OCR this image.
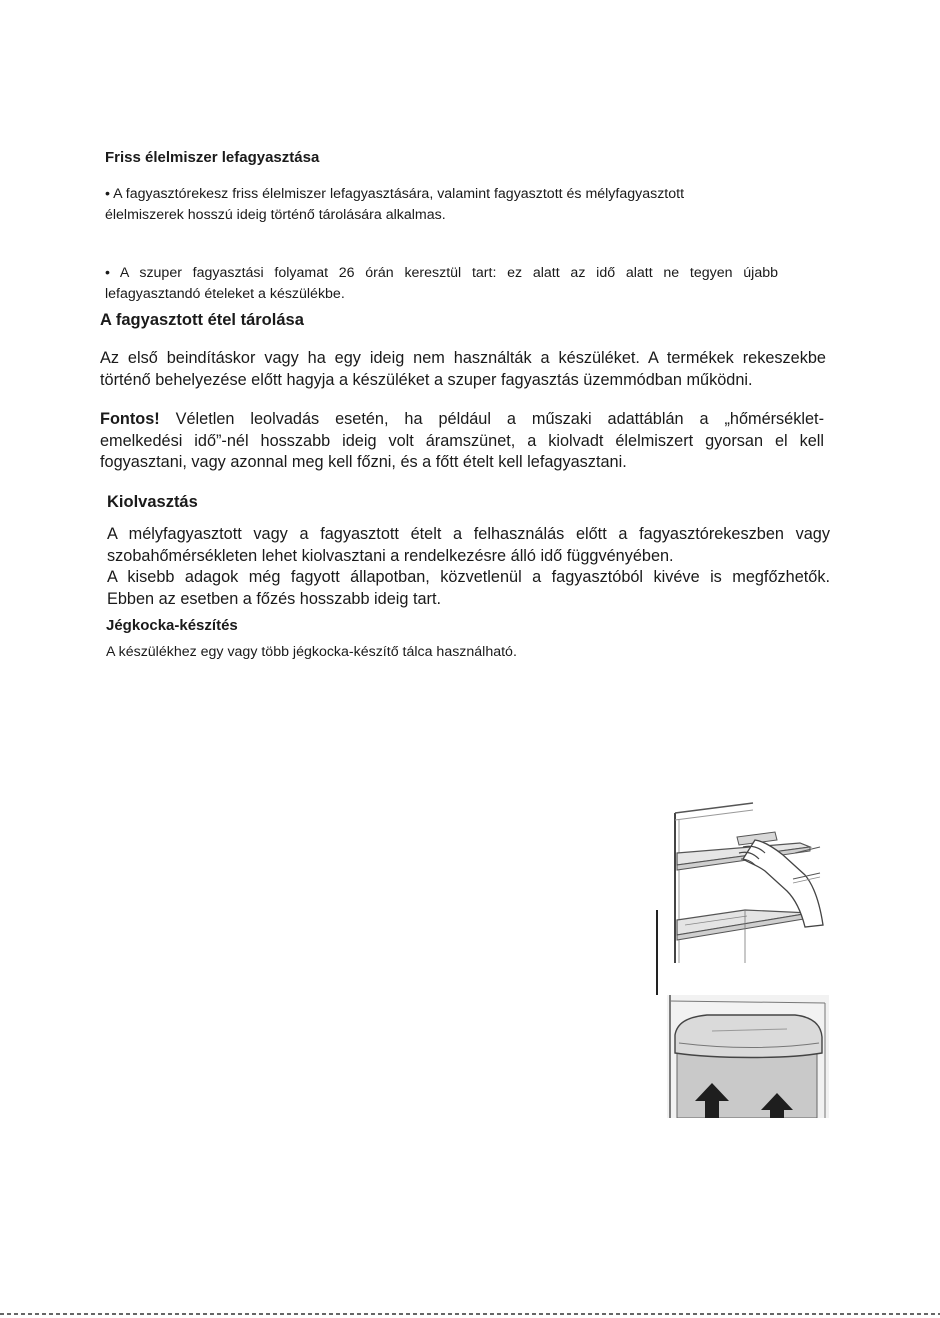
Friss élelmiszer lefagyasztása

• A fagyasztórekesz friss élelmiszer lefagyasztására, valamint fagyasztott és mélyfagyasztott
élelmiszerek hosszú ideig történő tárolására alkalmas.

• A szuper fagyasztási folyamat 26 órán keresztül tart: ez alatt az idő alatt ne tegyen újabb
lefagyasztandó ételeket a készülékbe.

A fagyasztott étel tárolása

Az első beindításkor vagy ha egy ideig nem használták a készüléket. A termékek rekeszekbe
történő behelyezése előtt hagyja a készüléket a szuper fagyasztás üzemmódban működni.

Fontos! Véletlen leolvadás esetén, ha például a műszaki adattáblán a „hőmérséklet-
emelkedési idő”-nél hosszabb ideig volt áramszünet, a kiolvadt élelmiszert gyorsan el kell
fogyasztani, vagy azonnal meg kell főzni, és a főtt ételt kell lefagyasztani.

Kiolvasztás

A mélyfagyasztott vagy a fagyasztott ételt a felhasználás előtt a fagyasztórekeszben vagy
szobahőmérsékleten lehet kiolvasztani a rendelkezésre álló idő függvényében.
A kisebb adagok még fagyott állapotban, közvetlenül a fagyasztóból kivéve is megfőzhetők.
Ebben az esetben a főzés hosszabb ideig tart.

Jégkocka-készítés

A készülékhez egy vagy több jégkocka-készítő tálca használható.
